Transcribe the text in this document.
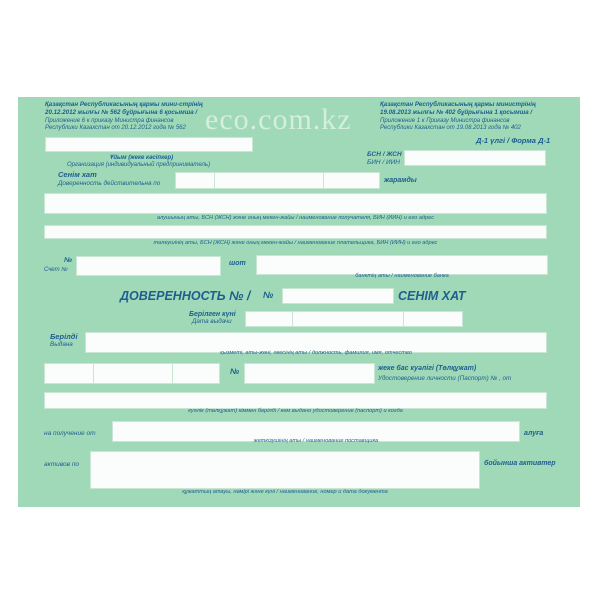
eco.com.kz
Қазақстан Республикасының қаржы мини-стрінің
20.12.2012 жылғы № 562 бұйрығына 6 қосымша /
Приложение 6 к приказу Министра финансов
Республики Казахстан от 20.12.2012 года № 562
Қазақстан Республикасының қаржы министрінің
19.08.2013 жылғы № 402 бұйрығына 1 қосымша /
Приложение 1 к Приказу Министра финансов
Республики Казахстан от 19.08.2013 года № 402
Д-1 үлгі / Форма Д-1
Ұйым (жеке кәсіпкер)
Организация (индивидуальный предприниматель)
БСН / ЖСН
БИН / ИИН
Сенім хат
Доверенность действительна по	жарамды
алушының аты, БСН (ЖСН) және оның мекен-жайы / наименование получателя, БИН (ИИН) и его адрес
төлеушінің аты, БСН (ЖСН) және оның мекен-жайы / наименование плательщика, БИН (ИИН) и его адрес
№
Счет №
шот
банктің аты / наименование банка
ДОВЕРЕННОСТЬ № / №	СЕНІМ ХАТ
Берілген күні
Дата выдачи
Берілді
Выдана
қызметі, аты-жөні, әкесінің аты / должность, фамилия, имя, отчество
№	жеке бас куәлігі (Төлқұжат)
Удостоверение личности (Паспорт) № , от
куәлік (төлқұжат) кіммен берілді / кем выдано удостоверение (паспорт) и когда
на получение от
жеткізушінің аты / наименование поставщика
алуға
активов по
құжаттың атауы, нөмірі және күні / наименование, номер и дата документа
бойынша активтер
